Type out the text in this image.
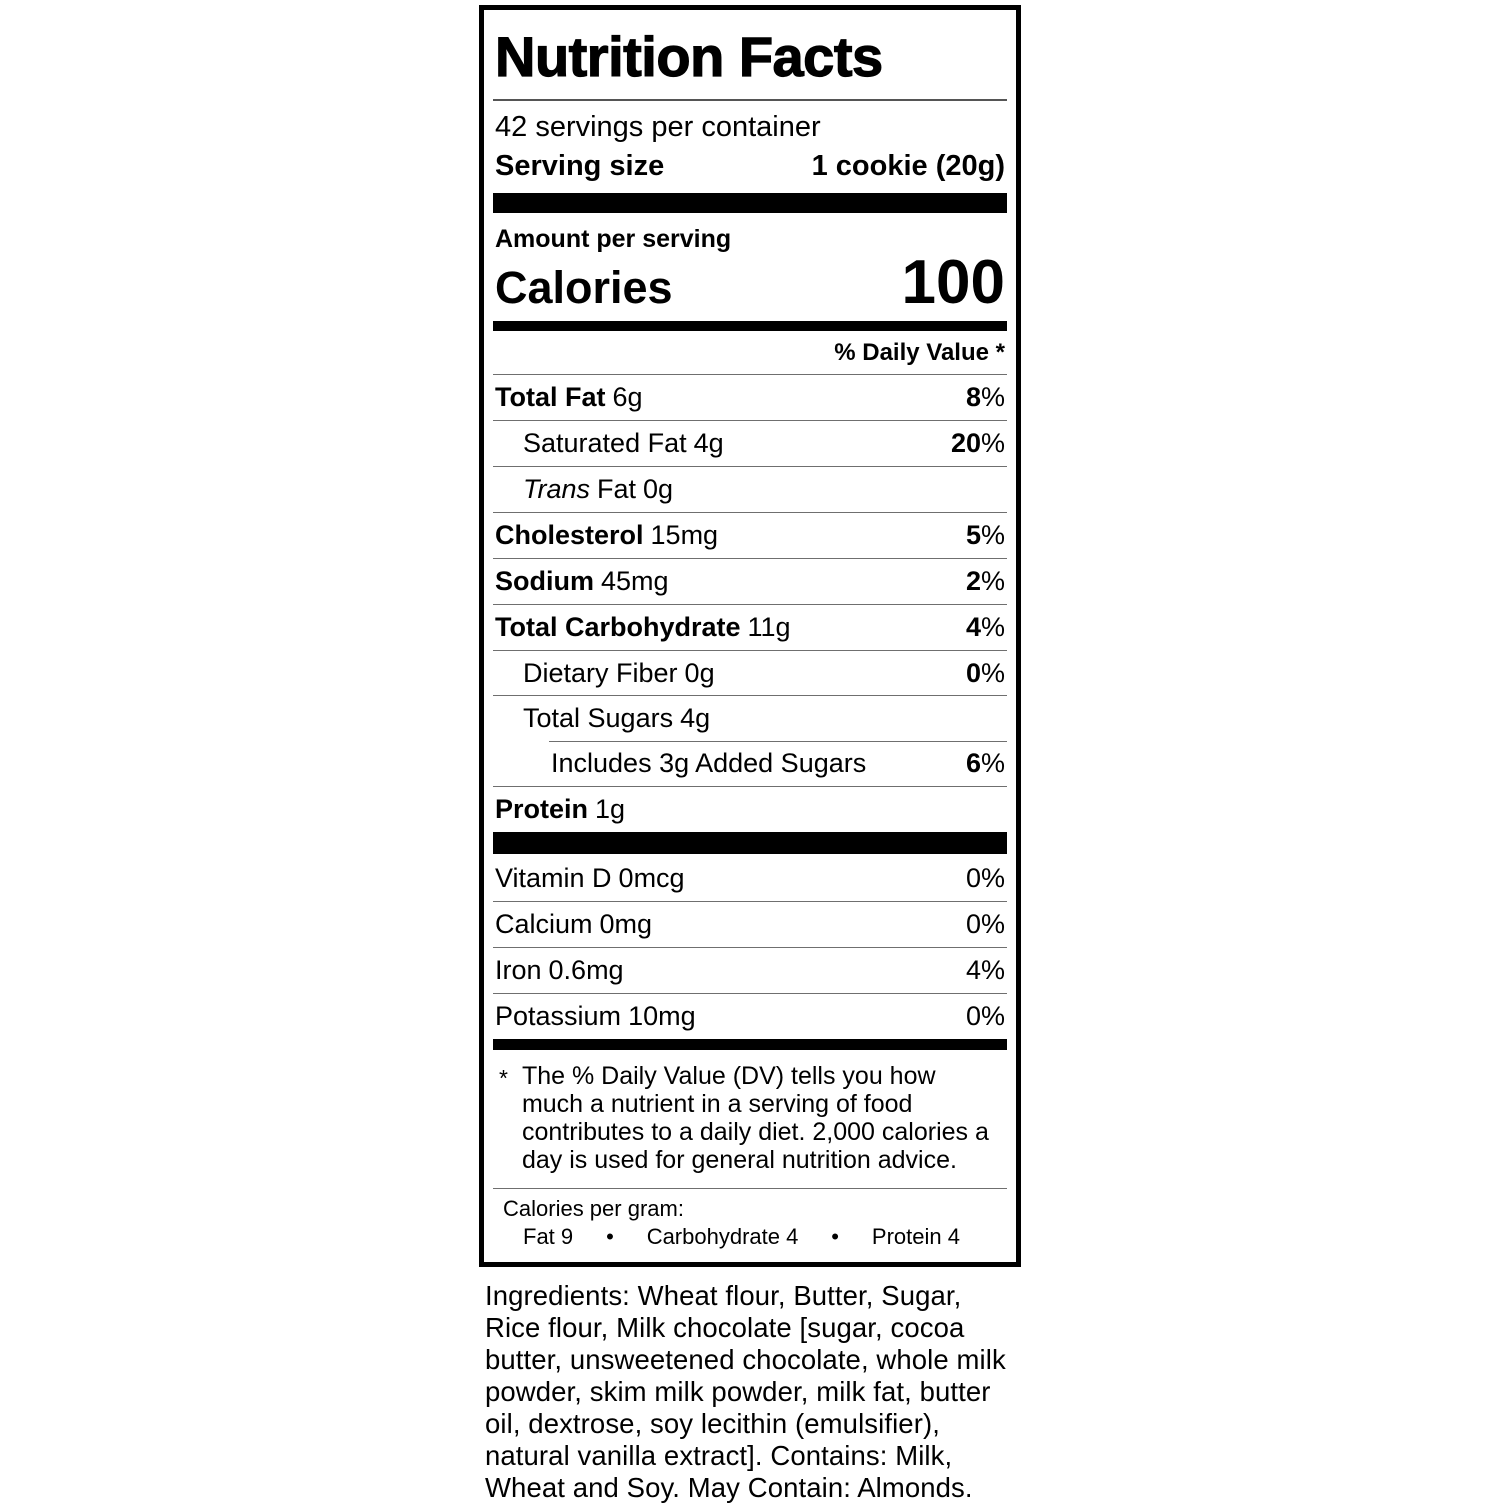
Nutrition Facts
42 servings per container
Serving size	1 cookie (20g)
Amount per serving
Calories	100
% Daily Value *
Total Fat 6g	8%
Saturated Fat 4g	20%
Trans Fat 0g
Cholesterol 15mg	5%
Sodium 45mg	2%
Total Carbohydrate 11g	4%
Dietary Fiber 0g	0%
Total Sugars 4g
Includes 3g Added Sugars	6%
Protein 1g
Vitamin D 0mcg	0%
Calcium 0mg	0%
Iron 0.6mg	4%
Potassium 10mg	0%
* The % Daily Value (DV) tells you how much a nutrient in a serving of food contributes to a daily diet. 2,000 calories a day is used for general nutrition advice.
Calories per gram:
Fat 9 • Carbohydrate 4 • Protein 4
Ingredients: Wheat flour, Butter, Sugar, Rice flour, Milk chocolate [sugar, cocoa butter, unsweetened chocolate, whole milk powder, skim milk powder, milk fat, butter oil, dextrose, soy lecithin (emulsifier), natural vanilla extract]. Contains: Milk, Wheat and Soy. May Contain: Almonds.
